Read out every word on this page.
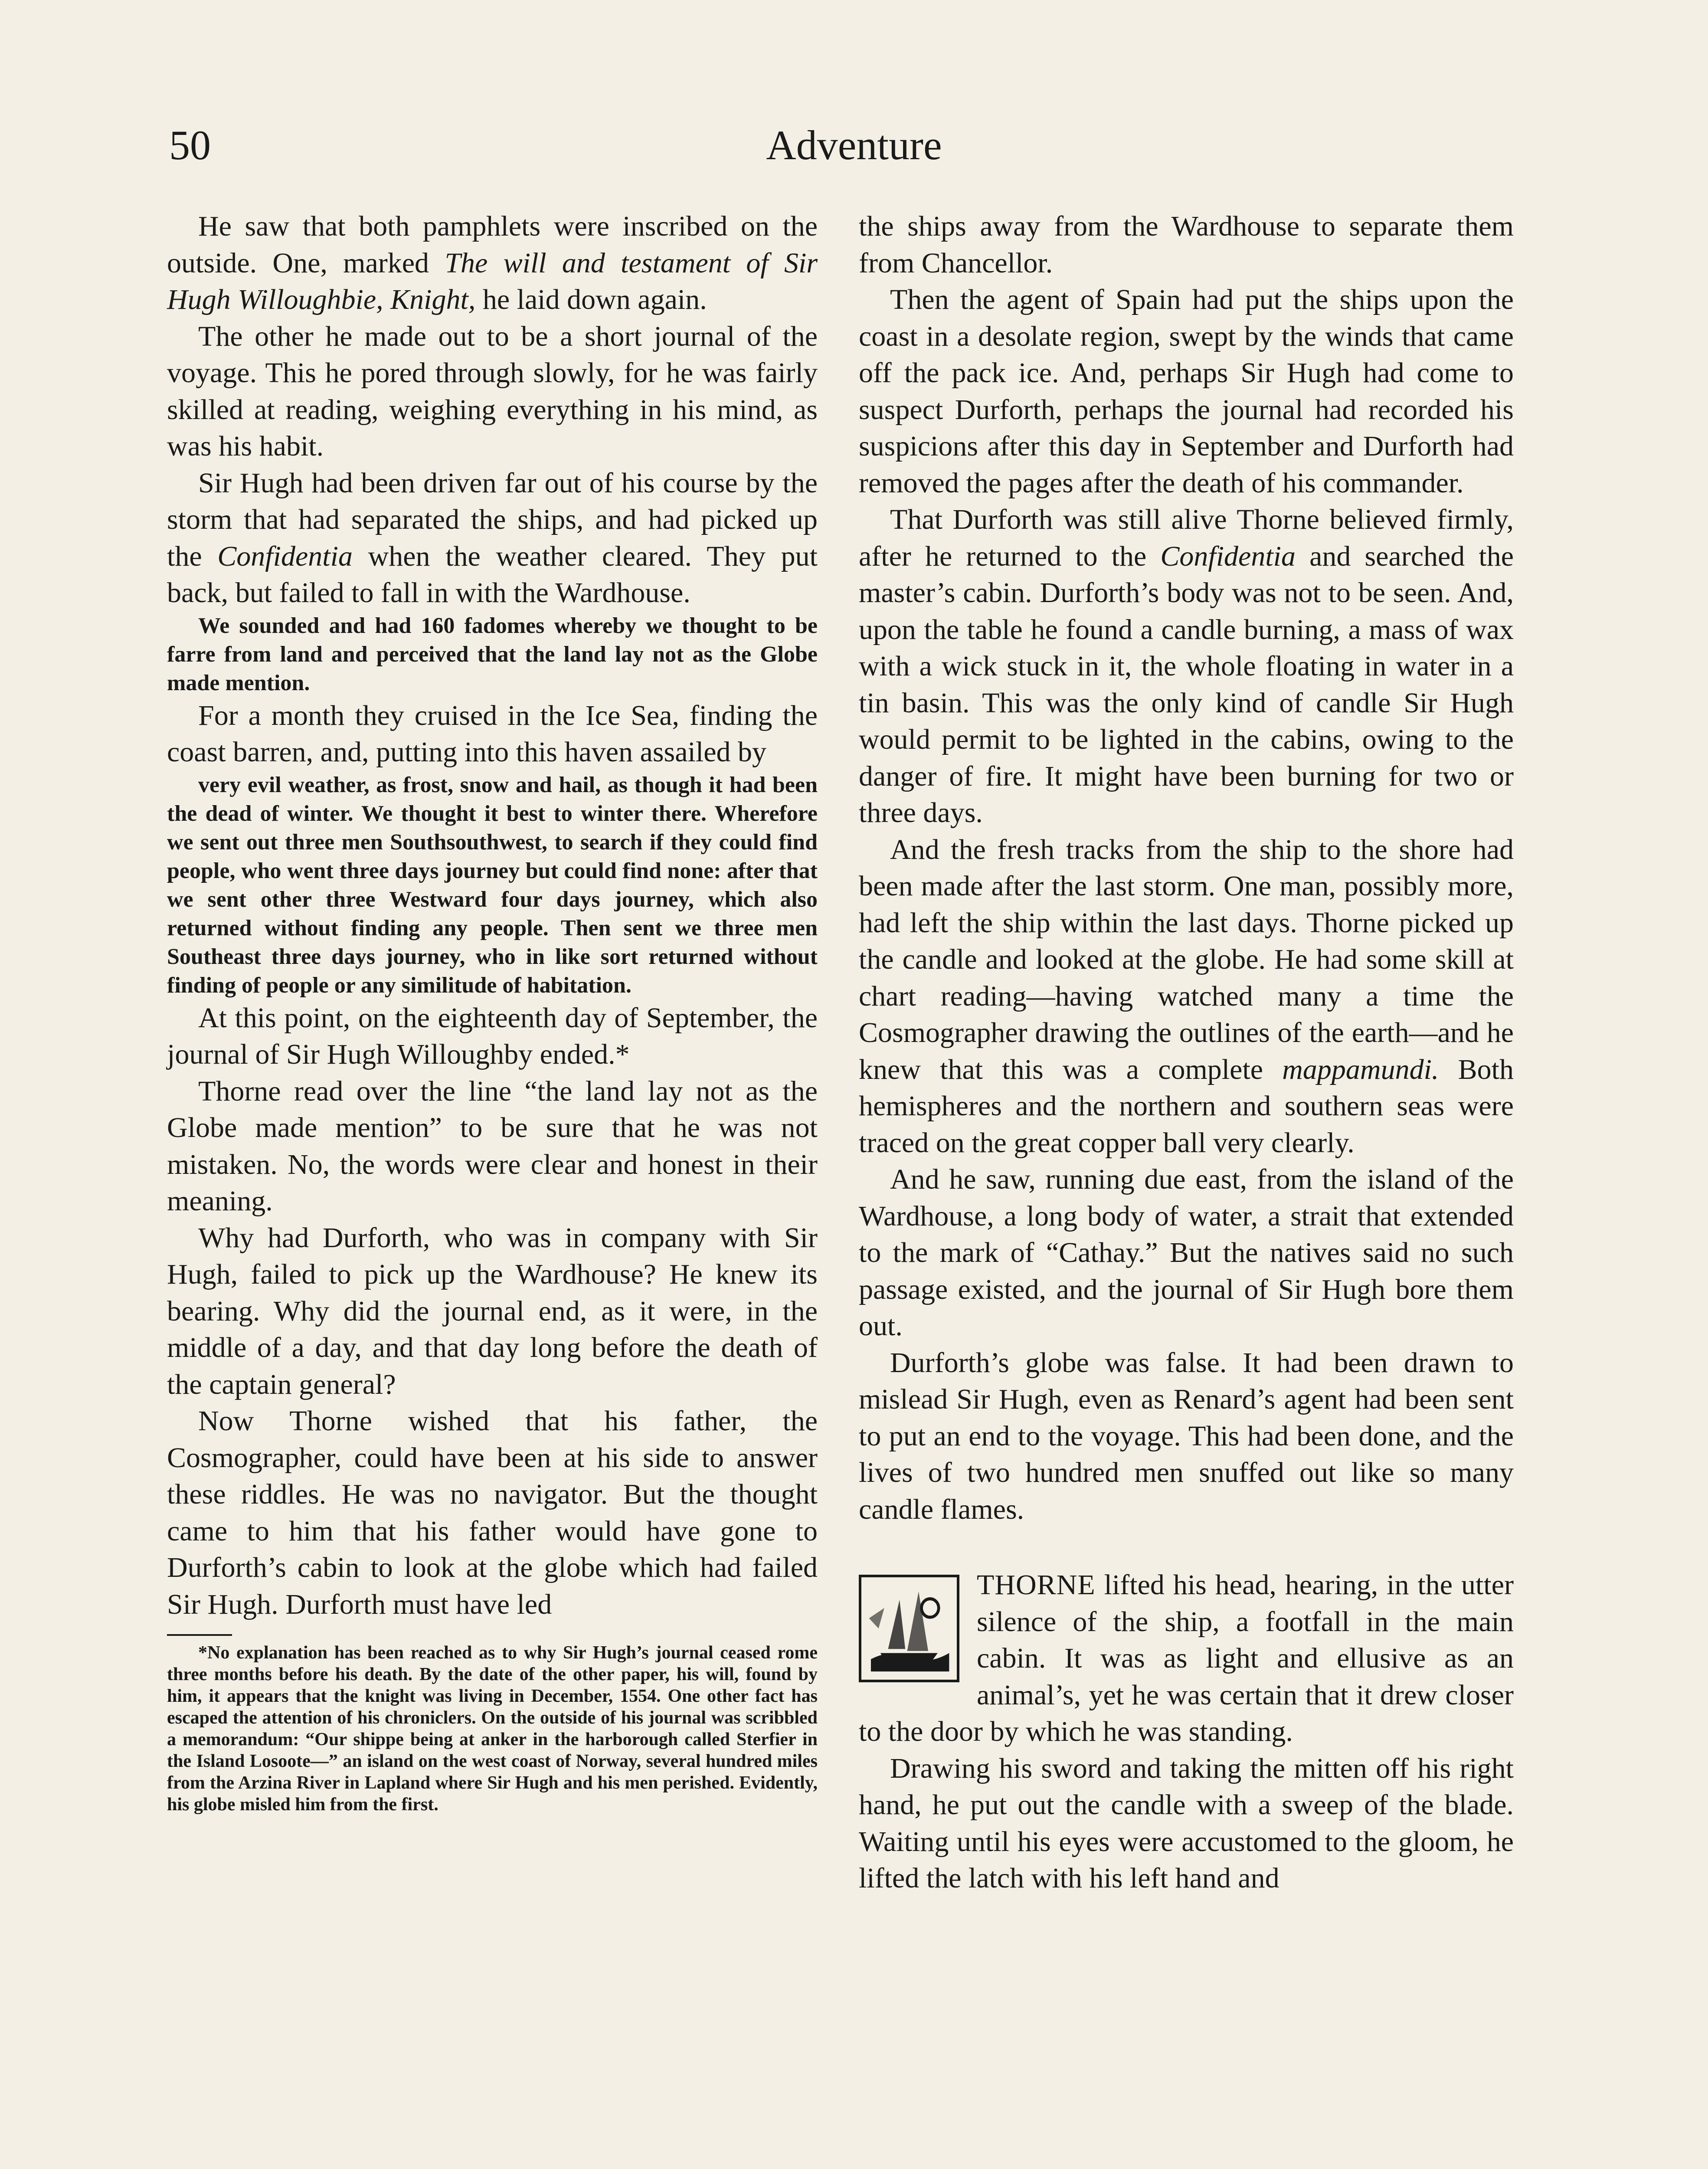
50	Adventure

He saw that both pamphlets were inscribed on the outside. One, marked The will and testament of Sir Hugh Willoughbie, Knight, he laid down again.

The other he made out to be a short journal of the voyage. This he pored through slowly, for he was fairly skilled at reading, weighing everything in his mind, as was his habit.

Sir Hugh had been driven far out of his course by the storm that had separated the ships, and had picked up the Confidentia when the weather cleared. They put back, but failed to fall in with the Wardhouse.

We sounded and had 160 fadomes whereby we thought to be farre from land and perceived that the land lay not as the Globe made mention.

For a month they cruised in the Ice Sea, finding the coast barren, and, putting into this haven assailed by

very evil weather, as frost, snow and hail, as though it had been the dead of winter. We thought it best to winter there. Wherefore we sent out three men Southsouthwest, to search if they could find people, who went three days journey but could find none: after that we sent other three Westward four days journey, which also returned without finding any people. Then sent we three men Southeast three days journey, who in like sort returned without finding of people or any similitude of habitation.

At this point, on the eighteenth day of September, the journal of Sir Hugh Willoughby ended.*

Thorne read over the line “the land lay not as the Globe made mention” to be sure that he was not mistaken. No, the words were clear and honest in their meaning.

Why had Durforth, who was in company with Sir Hugh, failed to pick up the Wardhouse? He knew its bearing. Why did the journal end, as it were, in the middle of a day, and that day long before the death of the captain general?

Now Thorne wished that his father, the Cosmographer, could have been at his side to answer these riddles. He was no navigator. But the thought came to him that his father would have gone to Durforth’s cabin to look at the globe which had failed Sir Hugh. Durforth must have led

*No explanation has been reached as to why Sir Hugh’s journal ceased rome three months before his death. By the date of the other paper, his will, found by him, it appears that the knight was living in December, 1554. One other fact has escaped the attention of his chroniclers. On the outside of his journal was scribbled a memorandum: “Our shippe being at anker in the harborough called Sterfier in the Island Losoote—” an island on the west coast of Norway, several hundred miles from the Arzina River in Lapland where Sir Hugh and his men perished. Evidently, his globe misled him from the first.

the ships away from the Wardhouse to separate them from Chancellor.

Then the agent of Spain had put the ships upon the coast in a desolate region, swept by the winds that came off the pack ice. And, perhaps Sir Hugh had come to suspect Durforth, perhaps the journal had recorded his suspicions after this day in September and Durforth had removed the pages after the death of his commander.

That Durforth was still alive Thorne believed firmly, after he returned to the Confidentia and searched the master’s cabin. Durforth’s body was not to be seen. And, upon the table he found a candle burning, a mass of wax with a wick stuck in it, the whole floating in water in a tin basin. This was the only kind of candle Sir Hugh would permit to be lighted in the cabins, owing to the danger of fire. It might have been burning for two or three days.

And the fresh tracks from the ship to the shore had been made after the last storm. One man, possibly more, had left the ship within the last days. Thorne picked up the candle and looked at the globe. He had some skill at chart reading—having watched many a time the Cosmographer drawing the outlines of the earth—and he knew that this was a complete mappamundi. Both hemispheres and the northern and southern seas were traced on the great copper ball very clearly.

And he saw, running due east, from the island of the Wardhouse, a long body of water, a strait that extended to the mark of “Cathay.” But the natives said no such passage existed, and the journal of Sir Hugh bore them out.

Durforth’s globe was false. It had been drawn to mislead Sir Hugh, even as Renard’s agent had been sent to put an end to the voyage. This had been done, and the lives of two hundred men snuffed out like so many candle flames.

THORNE lifted his head, hearing, in the utter silence of the ship, a footfall in the main cabin. It was as light and ellusive as an animal’s, yet he was certain that it drew closer to the door by which he was standing.

Drawing his sword and taking the mitten off his right hand, he put out the candle with a sweep of the blade. Waiting until his eyes were accustomed to the gloom, he lifted the latch with his left hand and
